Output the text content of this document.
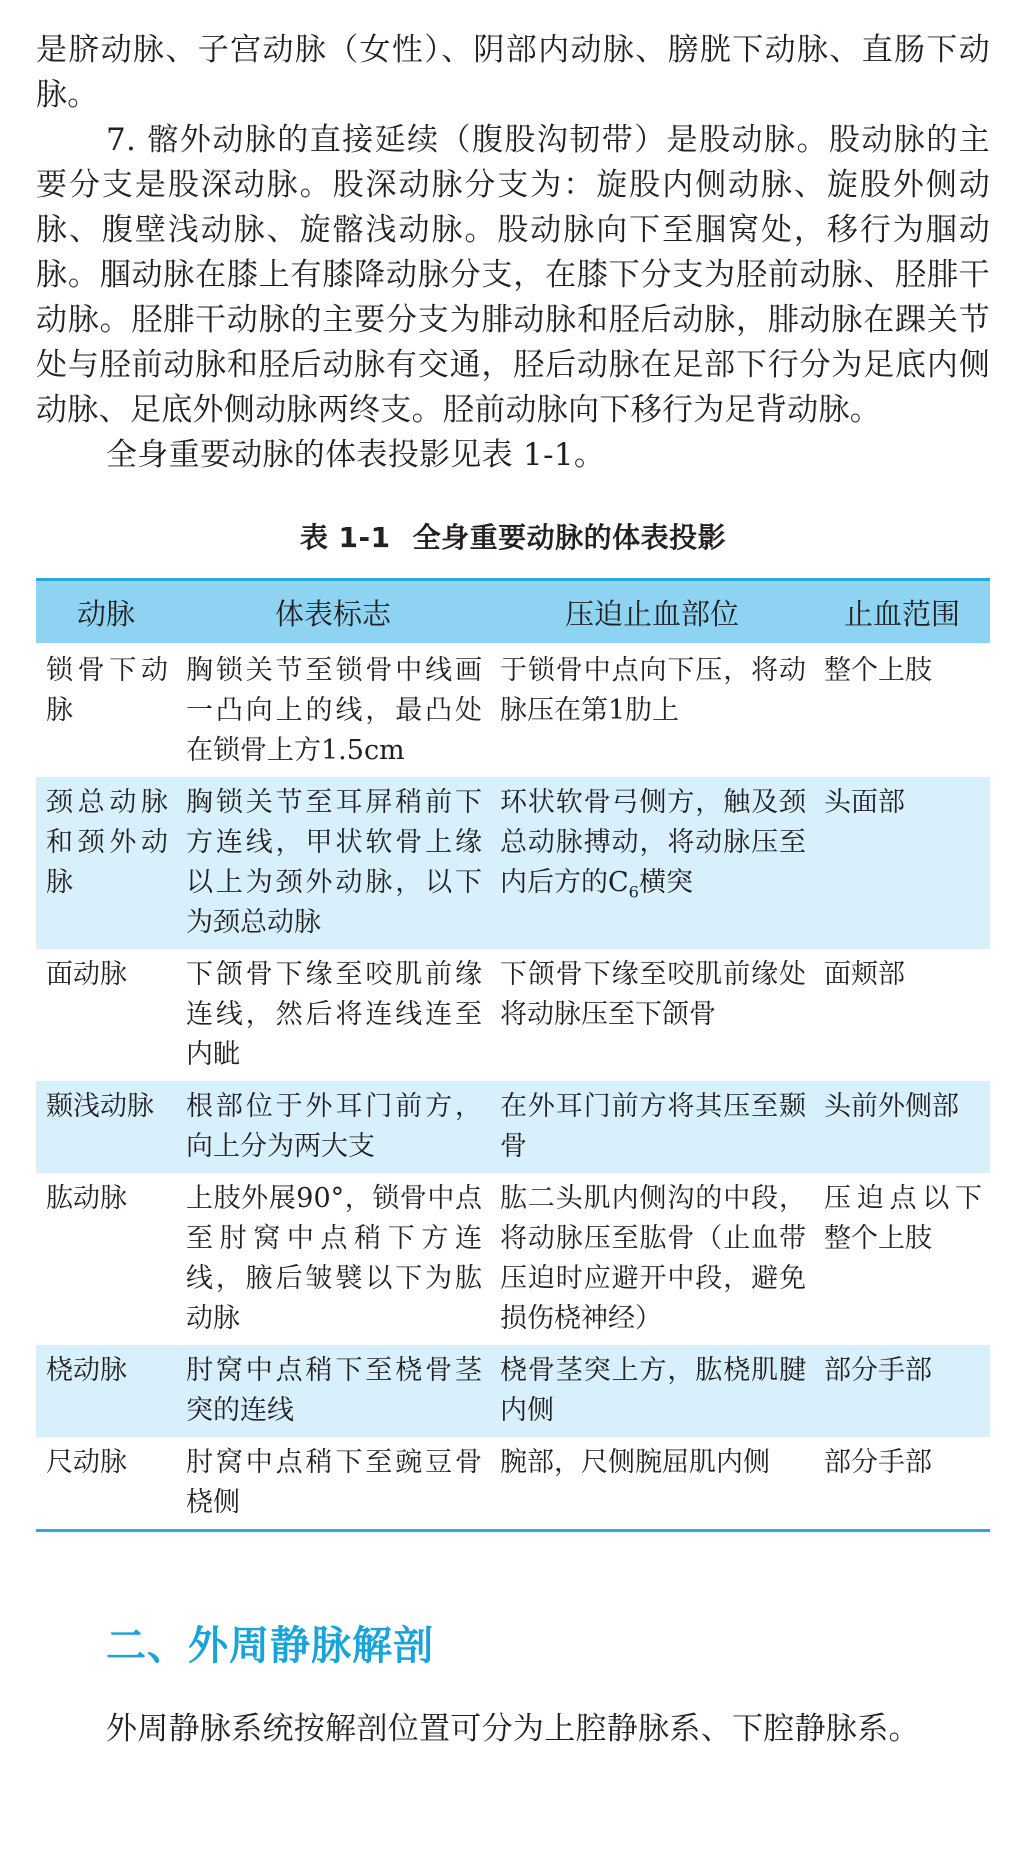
是脐动脉、子宫动脉（女性）、阴部内动脉、膀胱下动脉、直肠下动脉。

7. 髂外动脉的直接延续（腹股沟韧带）是股动脉。股动脉的主要分支是股深动脉。股深动脉分支为：旋股内侧动脉、旋股外侧动脉、腹壁浅动脉、旋髂浅动脉。股动脉向下至腘窝处，移行为腘动脉。腘动脉在膝上有膝降动脉分支，在膝下分支为胫前动脉、胫腓干动脉。胫腓干动脉的主要分支为腓动脉和胫后动脉，腓动脉在踝关节处与胫前动脉和胫后动脉有交通，胫后动脉在足部下行分为足底内侧动脉、足底外侧动脉两终支。胫前动脉向下移行为足背动脉。

全身重要动脉的体表投影见表 1-1。

表 1-1 全身重要动脉的体表投影
动脉	体表标志	压迫止血部位	止血范围
锁骨下动脉	胸锁关节至锁骨中线画一凸向上的线，最凸处在锁骨上方1.5cm	于锁骨中点向下压，将动脉压在第1肋上	整个上肢
颈总动脉和颈外动脉	胸锁关节至耳屏稍前下方连线，甲状软骨上缘以上为颈外动脉，以下为颈总动脉	环状软骨弓侧方，触及颈总动脉搏动，将动脉压至内后方的$C_6$横突	头面部
面动脉	下颌骨下缘至咬肌前缘连线，然后将连线连至内眦	下颌骨下缘至咬肌前缘处将动脉压至下颌骨	面颊部
颞浅动脉	根部位于外耳门前方，向上分为两大支	在外耳门前方将其压至颞骨	头前外侧部
肱动脉	上肢外展90°，锁骨中点至肘窝中点稍下方连线，腋后皱襞以下为肱动脉	肱二头肌内侧沟的中段，将动脉压至肱骨（止血带压迫时应避开中段，避免损伤桡神经）	压迫点以下整个上肢
桡动脉	肘窝中点稍下至桡骨茎突的连线	桡骨茎突上方，肱桡肌腱内侧	部分手部
尺动脉	肘窝中点稍下至豌豆骨桡侧	腕部，尺侧腕屈肌内侧	部分手部
二、外周静脉解剖

外周静脉系统按解剖位置可分为上腔静脉系、下腔静脉系。
